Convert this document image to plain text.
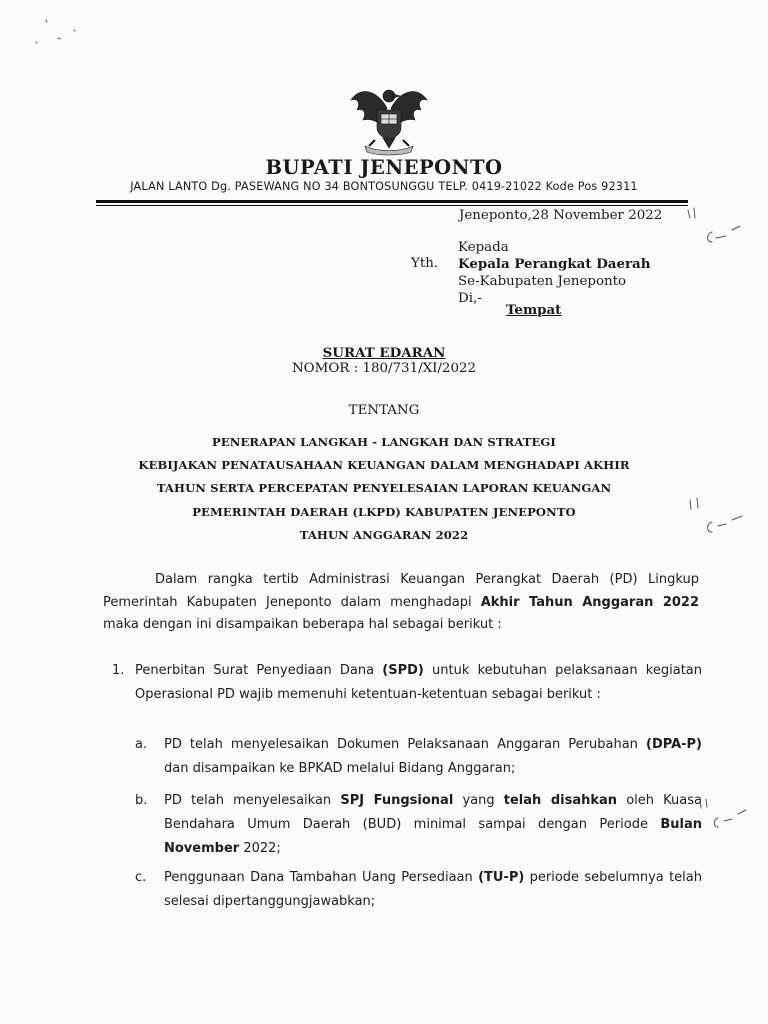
BUPATI JENEPONTO
JALAN LANTO Dg. PASEWANG NO 34 BONTOSUNGGU TELP. 0419-21022 Kode Pos 92311
Jeneponto,28 November 2022
Yth.
Kepada
Kepala Perangkat Daerah
Se-Kabupaten Jeneponto
Di,-
Tempat
SURAT EDARAN
NOMOR : 180/731/XI/2022
TENTANG
PENERAPAN LANGKAH - LANGKAH DAN STRATEGI
KEBIJAKAN PENATAUSAHAAN KEUANGAN DALAM MENGHADAPI AKHIR
TAHUN SERTA PERCEPATAN PENYELESAIAN LAPORAN KEUANGAN
PEMERINTAH DAERAH (LKPD) KABUPATEN JENEPONTO
TAHUN ANGGARAN 2022
Dalam rangka tertib Administrasi Keuangan Perangkat Daerah (PD) Lingkup Pemerintah Kabupaten Jeneponto dalam menghadapi Akhir Tahun Anggaran 2022 maka dengan ini disampaikan beberapa hal sebagai berikut :
1. Penerbitan Surat Penyediaan Dana (SPD) untuk kebutuhan pelaksanaan kegiatan Operasional PD wajib memenuhi ketentuan-ketentuan sebagai berikut :
a. PD telah menyelesaikan Dokumen Pelaksanaan Anggaran Perubahan (DPA-P) dan disampaikan ke BPKAD melalui Bidang Anggaran;
b. PD telah menyelesaikan SPJ Fungsional yang telah disahkan oleh Kuasa Bendahara Umum Daerah (BUD) minimal sampai dengan Periode Bulan November 2022;
c. Penggunaan Dana Tambahan Uang Persediaan (TU-P) periode sebelumnya telah selesai dipertanggungjawabkan;
